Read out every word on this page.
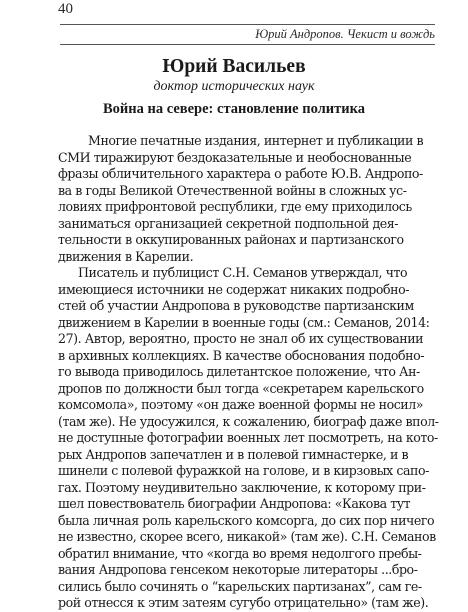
40
Юрий Андропов. Чекист и вождь
Юрий Васильев
доктор исторических наук
Война на севере: становление политика
Многие печатные издания, интернет и публикации в
СМИ тиражируют бездоказательные и необоснованные
фразы обличительного характера о работе Ю.В. Андропо-
ва в годы Великой Отечественной войны в сложных ус-
ловиях прифронтовой республики, где ему приходилось
заниматься организацией секретной подпольной дея-
тельности в оккупированных районах и партизанского
движения в Карелии.
Писатель и публицист С.Н. Семанов утверждал, что
имеющиеся источники не содержат никаких подробно-
стей об участии Андропова в руководстве партизанским
движением в Карелии в военные годы (см.: Семанов, 2014:
27). Автор, вероятно, просто не знал об их существовании
в архивных коллекциях. В качестве обоснования подобно-
го вывода приводилось дилетантское положение, что Ан-
дропов по должности был тогда «секретарем карельского
комсомола», поэтому «он даже военной формы не носил»
(там же). Не удосужился, к сожалению, биограф даже впол-
не доступные фотографии военных лет посмотреть, на кото-
рых Андропов запечатлен и в полевой гимнастерке, и в
шинели с полевой фуражкой на голове, и в кирзовых сапо-
гах. Поэтому неудивительно заключение, к которому при-
шел повествователь биографии Андропова: «Какова тут
была личная роль карельского комсорга, до сих пор ничего
не известно, скорее всего, никакой» (там же). С.Н. Семанов
обратил внимание, что «когда во время недолгого пребы-
вания Андропова генсеком некоторые литераторы ...бро-
сились было сочинять о “карельских партизанах”, сам ге-
рой отнесся к этим затеям сугубо отрицательно» (там же).
